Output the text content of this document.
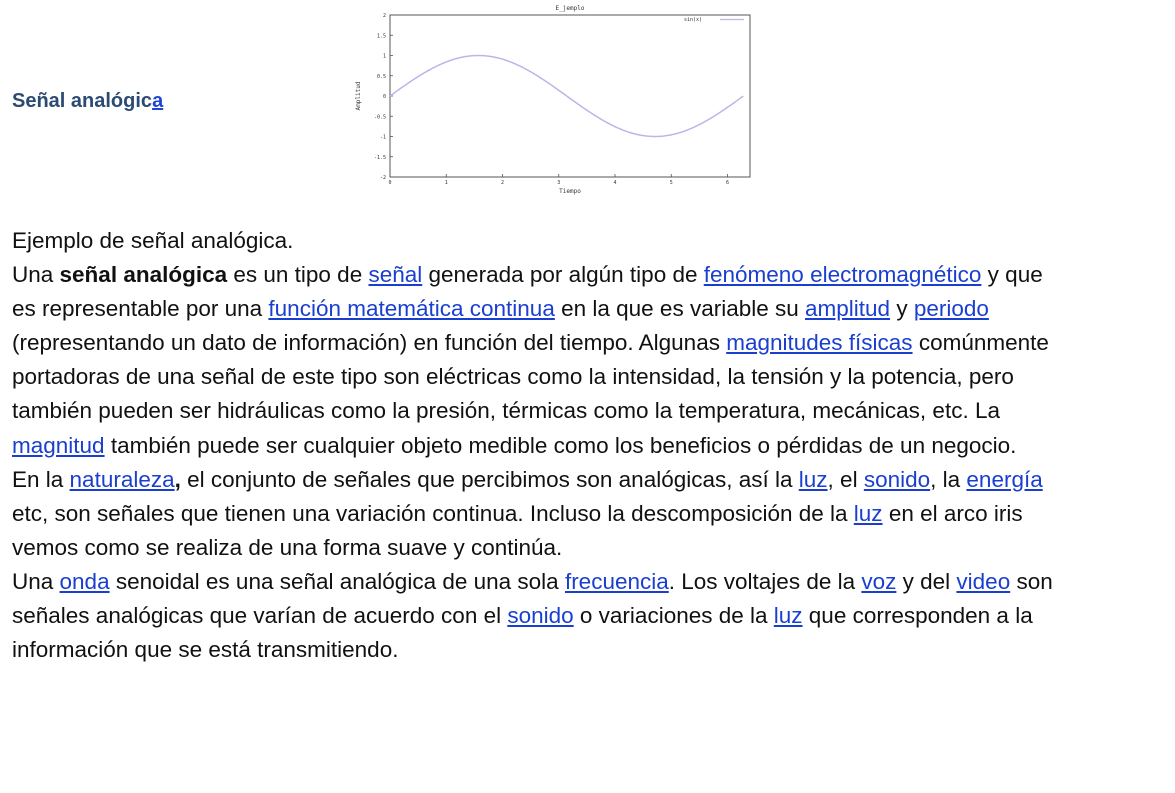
Señal analógica
E_jemplo
sin(x)
Amplitud
Tiempo
2
1.5
1
0.5
0
-0.5
-1
-1.5
-2
0	1	2	3	4	5	6

Ejemplo de señal analógica.

Una señal analógica es un tipo de señal generada por algún tipo de fenómeno electromagnético y que es representable por una función matemática continua en la que es variable su amplitud y periodo (representando un dato de información) en función del tiempo. Algunas magnitudes físicas comúnmente portadoras de una señal de este tipo son eléctricas como la intensidad, la tensión y la potencia, pero también pueden ser hidráulicas como la presión, térmicas como la temperatura, mecánicas, etc. La magnitud también puede ser cualquier objeto medible como los beneficios o pérdidas de un negocio.

En la naturaleza, el conjunto de señales que percibimos son analógicas, así la luz, el sonido, la energía etc, son señales que tienen una variación continua. Incluso la descomposición de la luz en el arco iris vemos como se realiza de una forma suave y continúa.

Una onda senoidal es una señal analógica de una sola frecuencia. Los voltajes de la voz y del video son señales analógicas que varían de acuerdo con el sonido o variaciones de la luz que corresponden a la información que se está transmitiendo.
